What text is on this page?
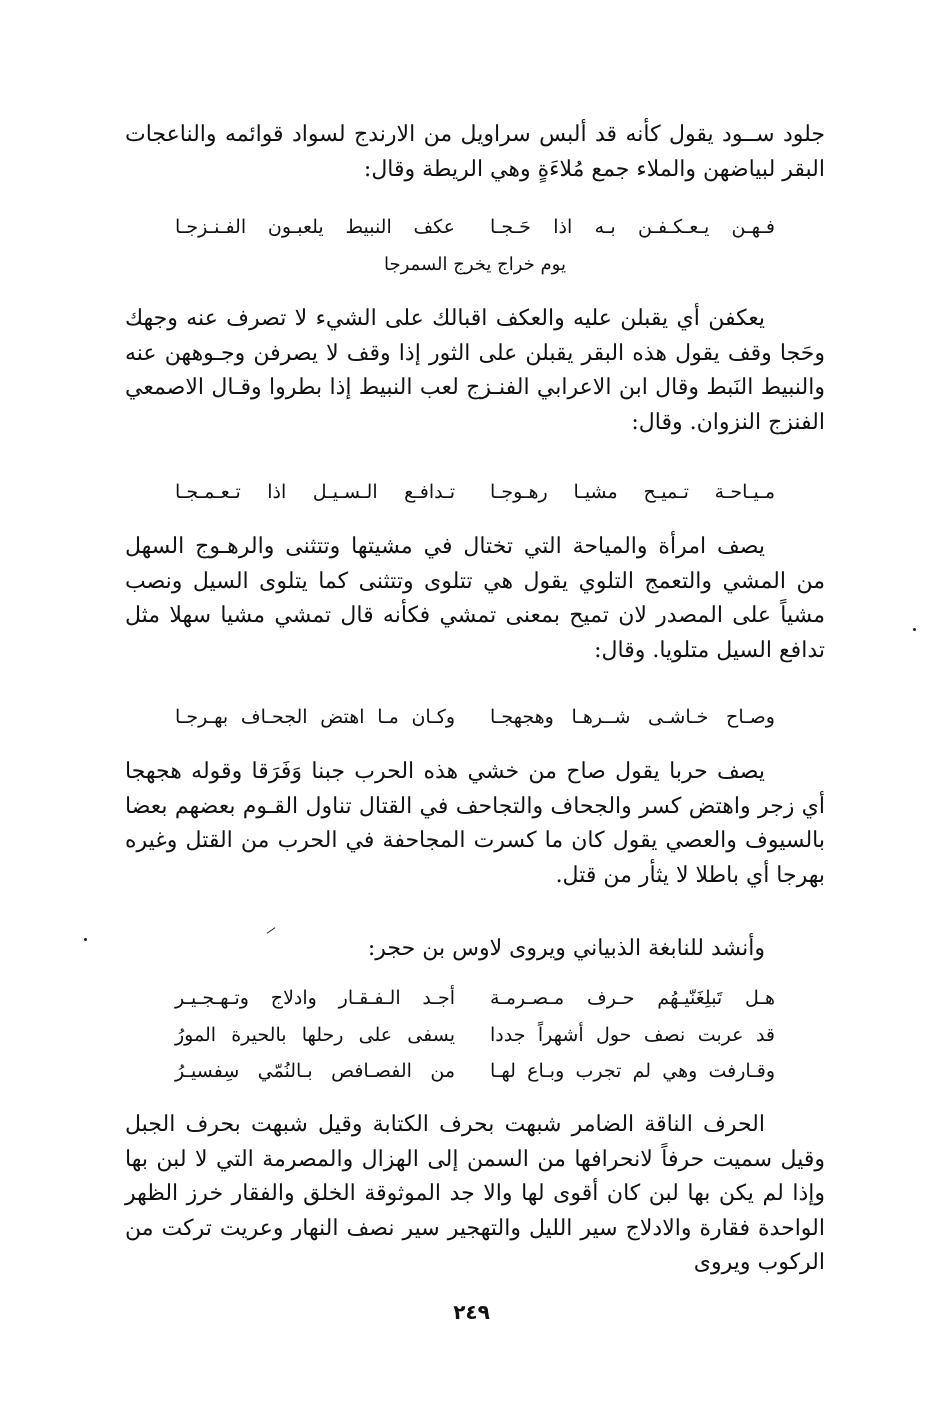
جلود ســود يقول كأنه قد ألبس سراويل من الارندج لسواد قوائمه والناعجات البقر لبياضهن والملاء جمع مُلاءَةٍ وهي الريطة وقال:

فـهـن يـعـكـفـن بـه اذا حَـجـا

عكف النبيط يلعبـون الفـنـزجـا

يوم خراج يخرج السمرجا

يعكفن أي يقبلن عليه والعكف اقبالك على الشيء لا تصرف عنه وجهك وحَجا وقف يقول هذه البقر يقبلن على الثور إذا وقف لا يصرفن وجـوههن عنه والنبيط النَبط وقال ابن الاعرابي الفنـزج لعب النبيط إذا بطروا وقـال الاصمعي الفنزج النزوان. وقال:

مـيـاحـة تـميـح مشيـا رهـوجـا

تـدافـع الـسـيـل اذا تـعـمـجـا

يصف امرأة والمياحة التي تختال في مشيتها وتتثنى والرهـوج السهل من المشي والتعمج التلوي يقول هي تتلوى وتتثنى كما يتلوى السيل ونصب مشياً على المصدر لان تميح بمعنى تمشي فكأنه قال تمشي مشيا سهلا مثل تدافع السيل متلويا. وقال:

وصـاح خـاشـى شــرهـا وهجهجـا

وكـان مـا اهتض الجحـاف بهـرجـا

يصف حربا يقول صاح من خشي هذه الحرب جبنا وَفَرَقا وقوله هجهجا أي زجر واهتض كسر والجحاف والتجاحف في القتال تناول القـوم بعضهم بعضا بالسيوف والعصي يقول كان ما كسرت المجاحفة في الحرب من القتل وغيره بهرجا أي باطلا لا يثأر من قتل.

وأنشد للنابغة الذبياني ويروى لاوس بن حجر:

هـل تَبلِغَنّيـهُم حـرف مـصـرمـة

أجـد الـفـقـار وادلاج وتـهـجـيـر

قد عربت نصف حول أشهراً جددا

يسفى على رحلها بالحيرة المورُ

وقـارفت وهي لم تجرب وبـاع لهـا

من الفصـافص بـالنُمّي سِفسيـرُ

الحرف الناقة الضامر شبهت بحرف الكتابة وقيل شبهت بحرف الجبل وقيل سميت حرفاً لانحرافها من السمن إلى الهزال والمصرمة التي لا لبن بها وإذا لم يكن بها لبن كان أقوى لها والا جد الموثوقة الخلق والفقار خرز الظهر الواحدة فقارة والادلاج سير الليل والتهجير سير نصف النهار وعريت تركت من الركوب ويروى

٢٤٩
